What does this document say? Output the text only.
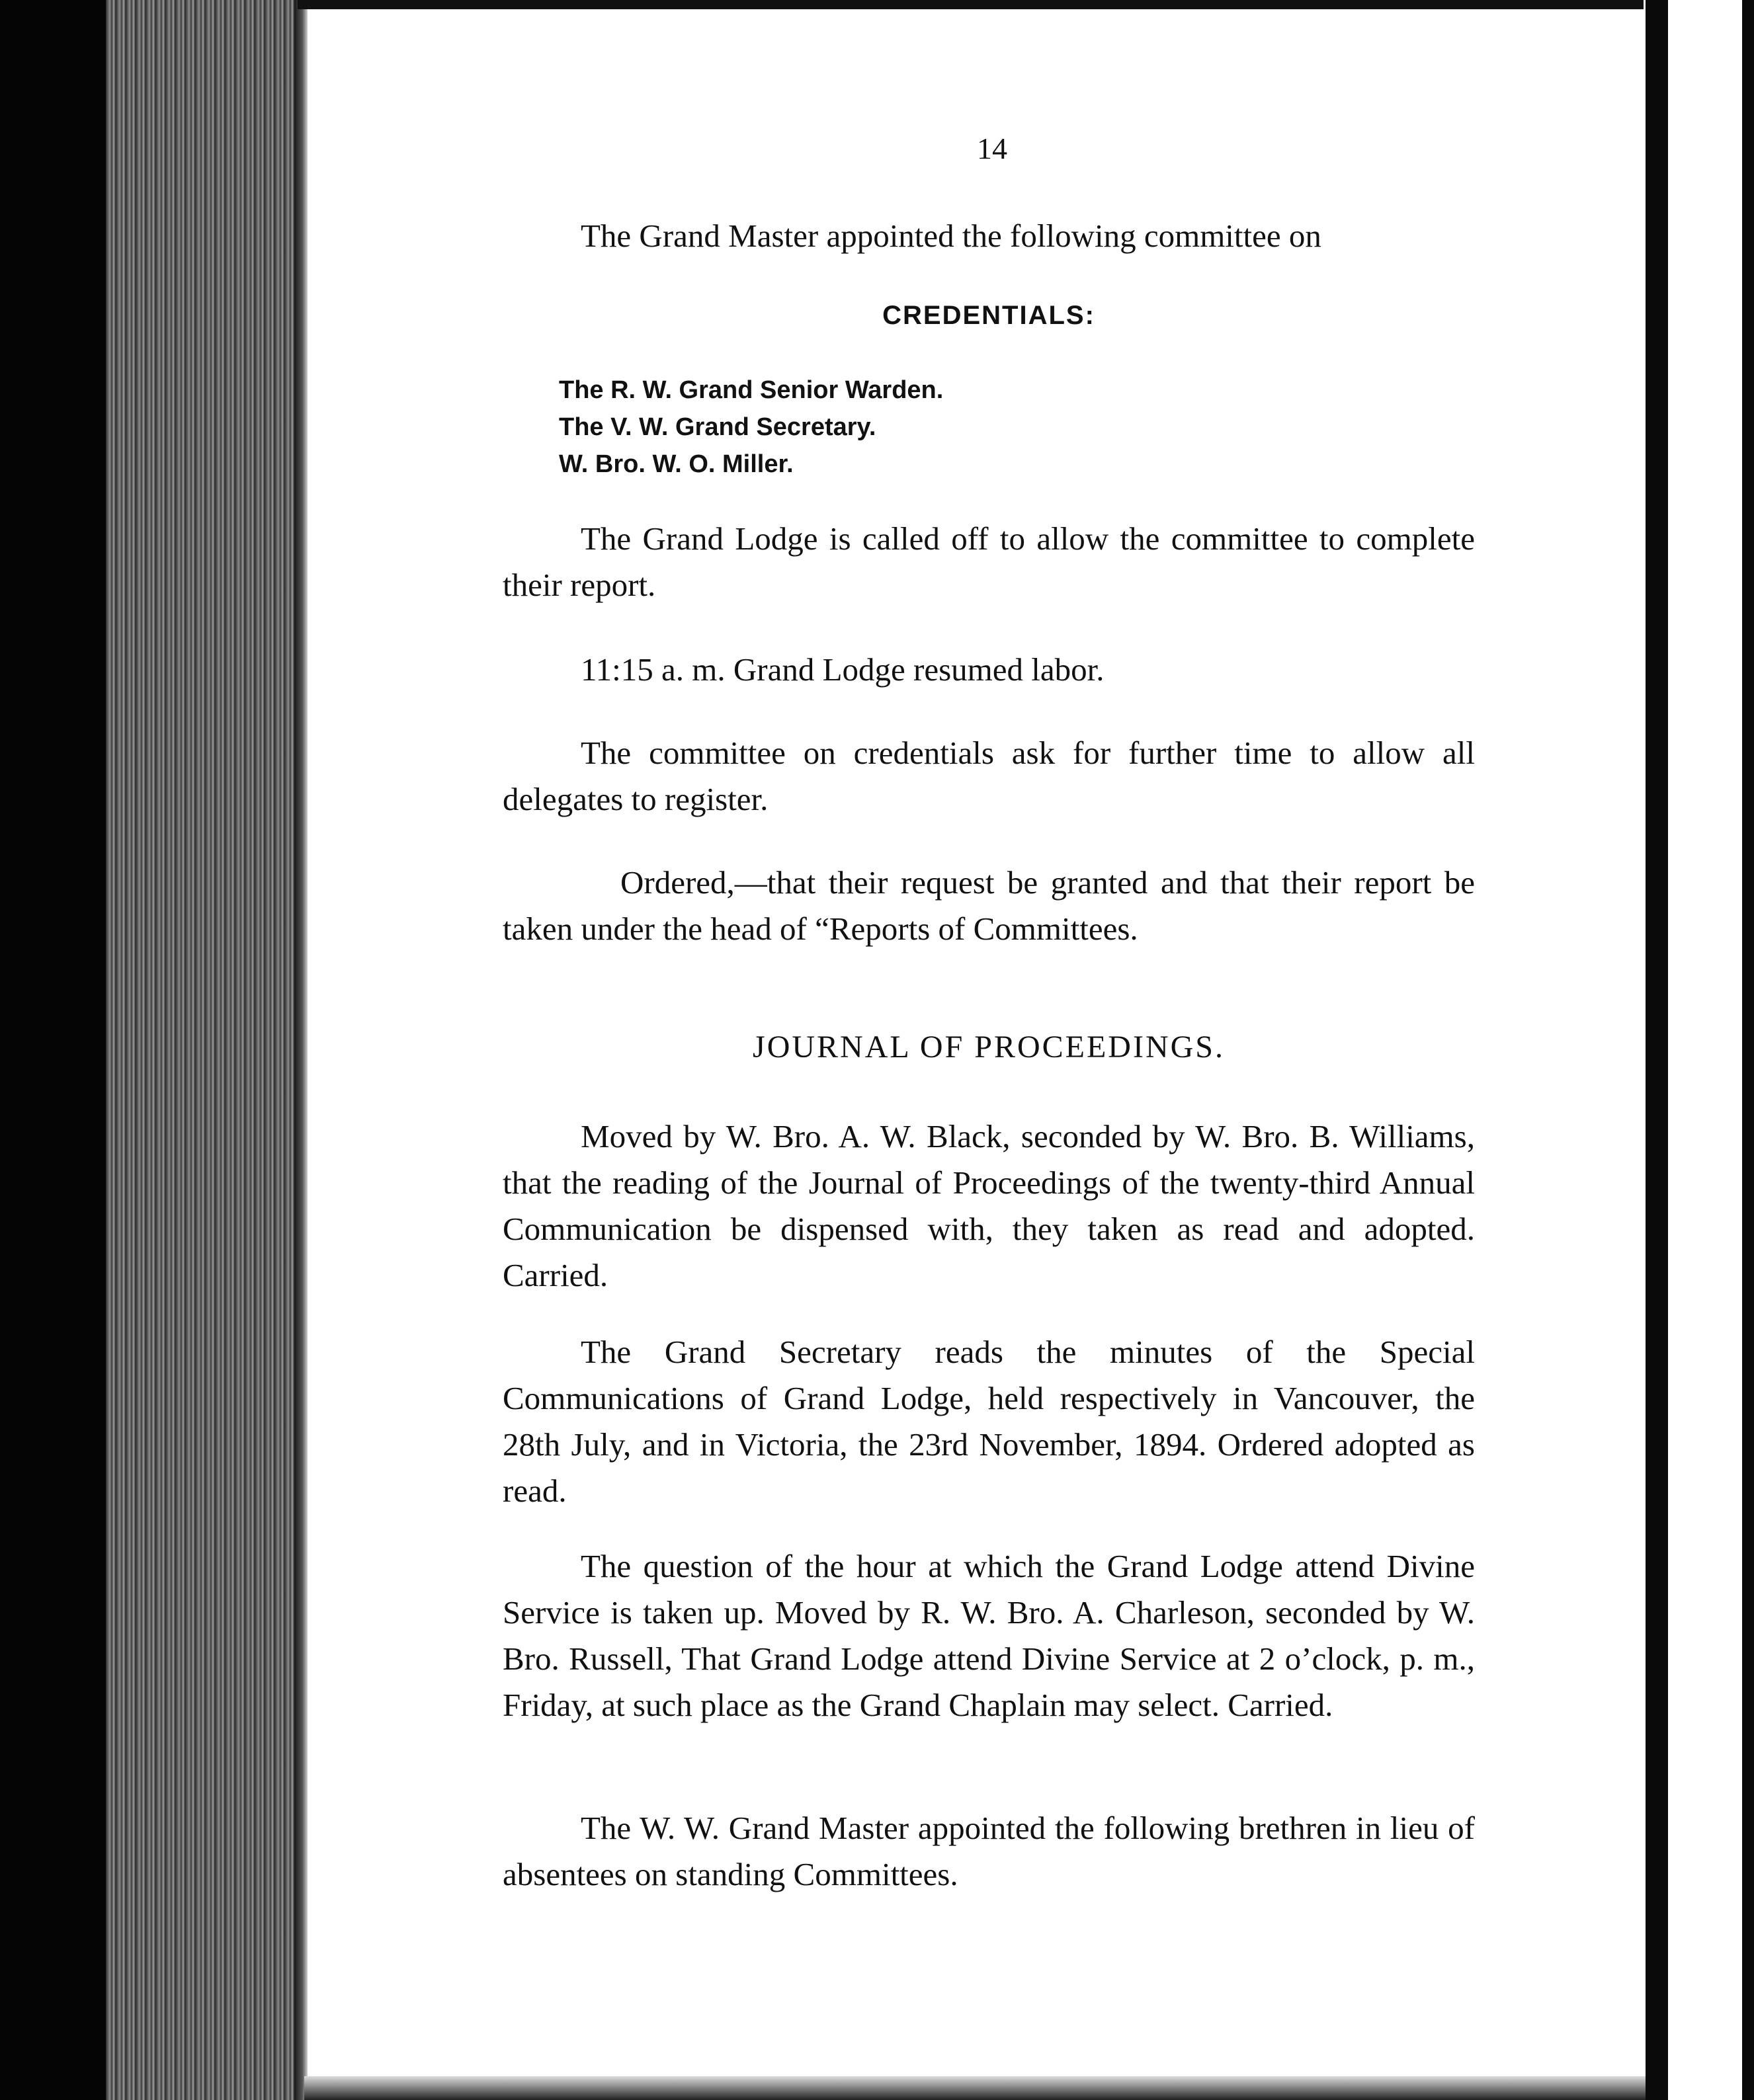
14

The Grand Master appointed the following committee on

CREDENTIALS:
The R. W. Grand Senior Warden.
The V. W. Grand Secretary.
W. Bro. W. O. Miller.

The Grand Lodge is called off to allow the committee to complete their report.

11:15 a. m. Grand Lodge resumed labor.

The committee on credentials ask for further time to allow all delegates to register.

Ordered,—that their request be granted and that their report be taken under the head of “Reports of Committees.

JOURNAL OF PROCEEDINGS.

Moved by W. Bro. A. W. Black, seconded by W. Bro. B. Williams, that the reading of the Journal of Proceedings of the twenty-third Annual Communication be dispensed with, they taken as read and adopted. Carried.

The Grand Secretary reads the minutes of the Special Communications of Grand Lodge, held respectively in Vancouver, the 28th July, and in Victoria, the 23rd November, 1894. Ordered adopted as read.

The question of the hour at which the Grand Lodge attend Divine Service is taken up. Moved by R. W. Bro. A. Charleson, seconded by W. Bro. Russell, That Grand Lodge attend Divine Service at 2 o’clock, p. m., Friday, at such place as the Grand Chaplain may select. Carried.

The W. W. Grand Master appointed the following brethren in lieu of absentees on standing Committees.
